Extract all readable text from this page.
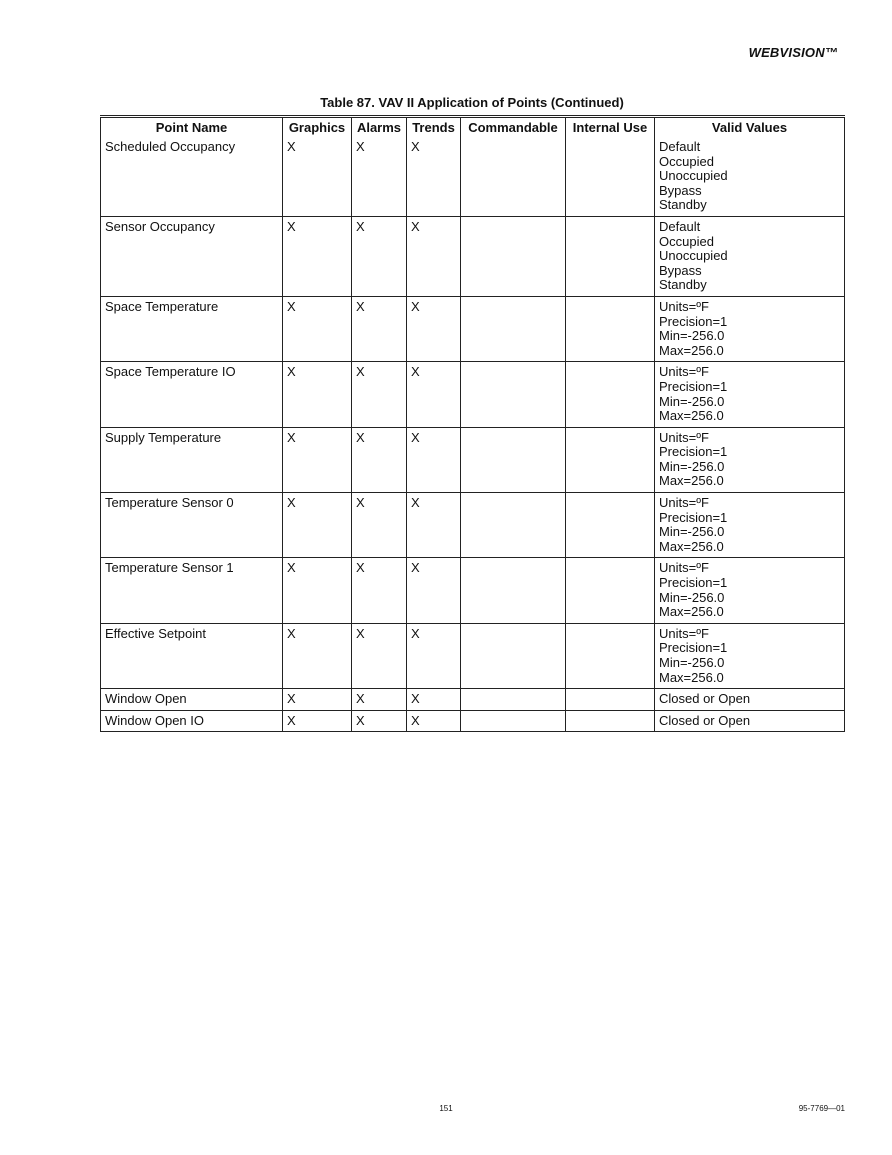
WEBVISION™
Table 87. VAV II Application of Points (Continued)
Point Name	Graphics	Alarms	Trends	Commandable	Internal Use	Valid Values
Scheduled Occupancy	X	X	X			Default
Occupied
Unoccupied
Bypass
Standby

Sensor Occupancy	X	X	X			Default
Occupied
Unoccupied
Bypass
Standby

Space Temperature	X	X	X			Units=ºF
Precision=1
Min=-256.0
Max=256.0

Space Temperature IO	X	X	X			Units=ºF
Precision=1
Min=-256.0
Max=256.0

Supply Temperature	X	X	X			Units=ºF
Precision=1
Min=-256.0
Max=256.0

Temperature Sensor 0	X	X	X			Units=ºF
Precision=1
Min=-256.0
Max=256.0

Temperature Sensor 1	X	X	X			Units=ºF
Precision=1
Min=-256.0
Max=256.0

Effective Setpoint	X	X	X			Units=ºF
Precision=1
Min=-256.0
Max=256.0

Window Open	X	X	X			Closed or Open

Window Open IO	X	X	X			Closed or Open
151	95-7769—01
